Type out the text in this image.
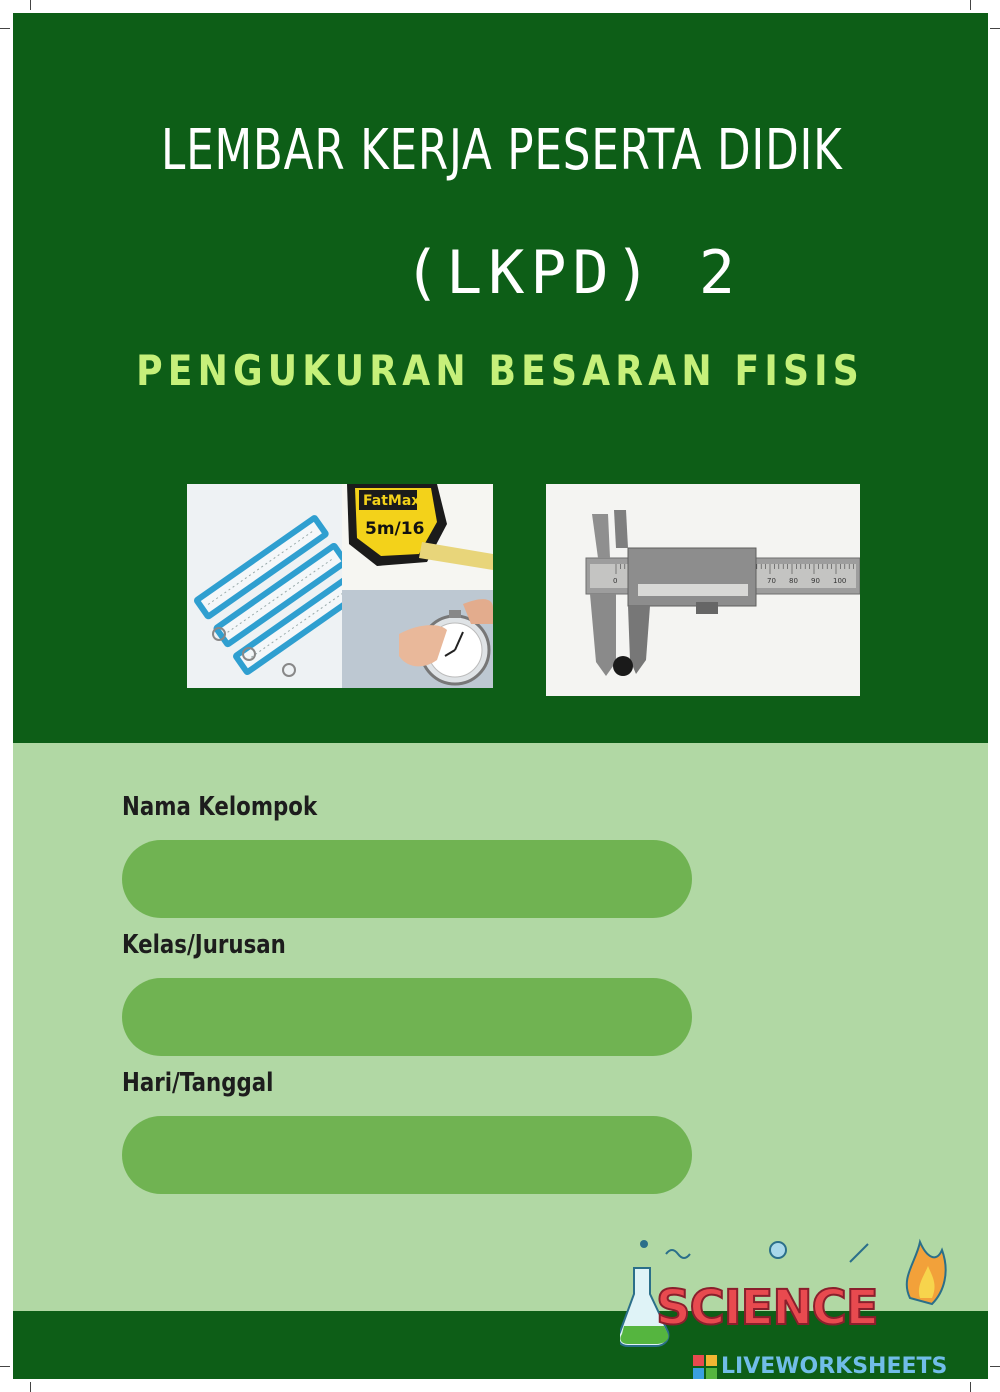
LEMBAR KERJA PESERTA DIDIK
(LKPD) 2
PENGUKURAN BESARAN FISIS
FatMax
5m/16
0	70 80 90 100
Nama Kelompok
Kelas/Jurusan
Hari/Tanggal
SCIENCE
LIVEWORKSHEETS
